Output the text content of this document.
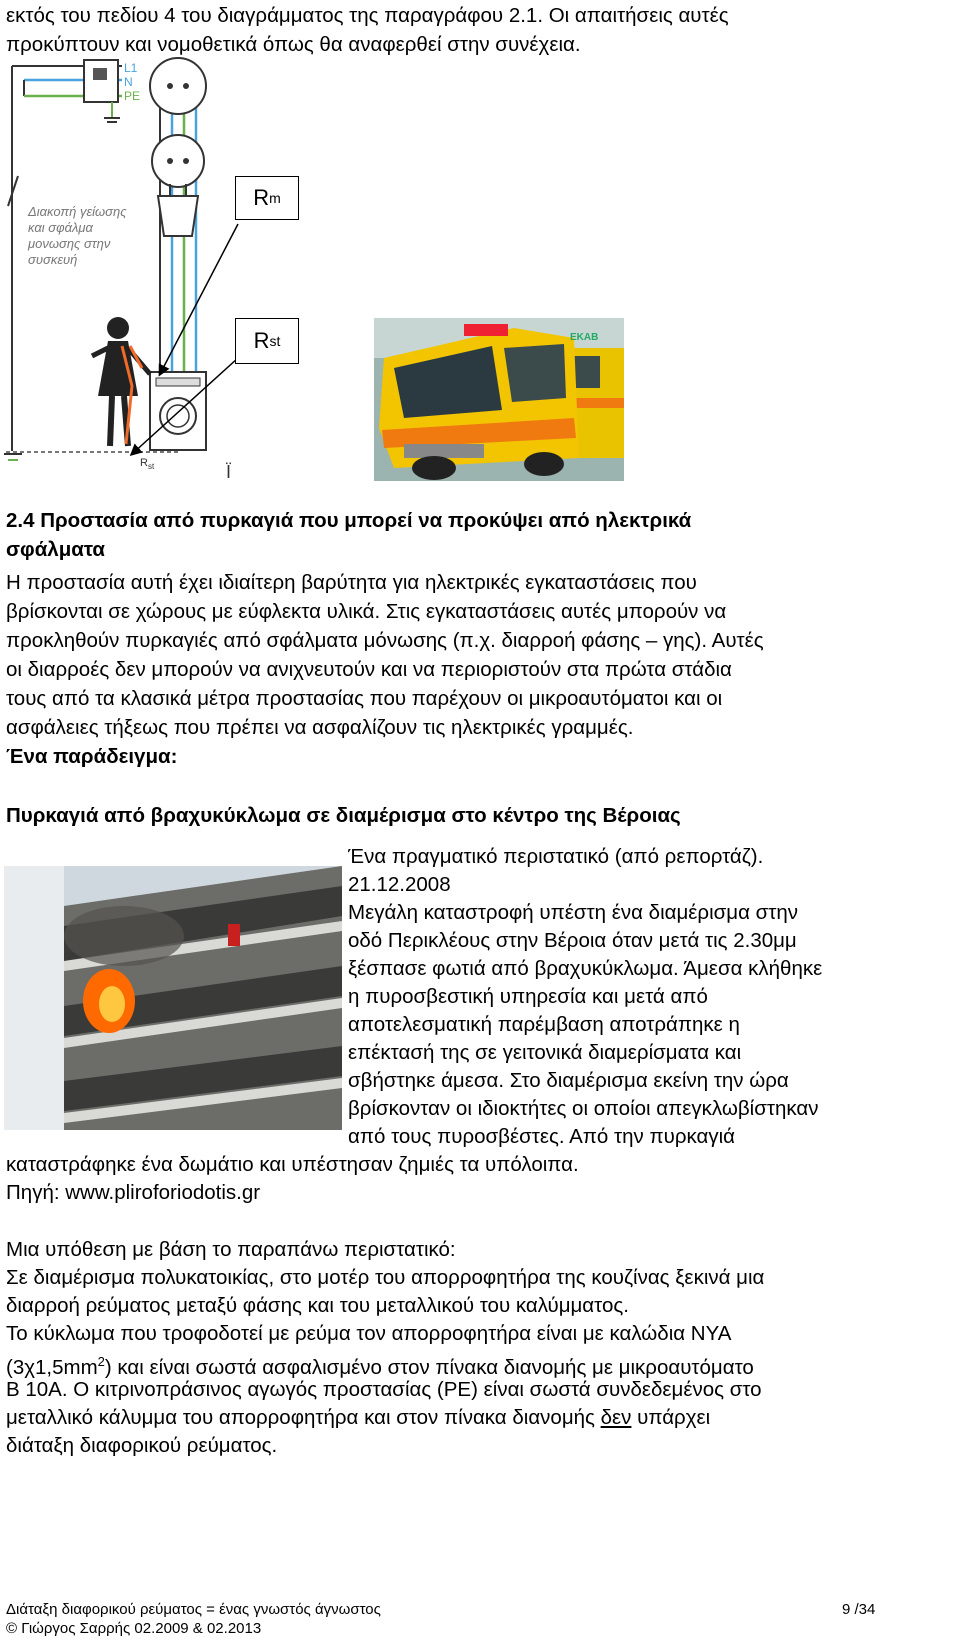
εκτός του πεδίου 4 του διαγράμματος της παραγράφου 2.1. Οι απαιτήσεις αυτές
προκύπτουν και νομοθετικά όπως θα αναφερθεί στην συνέχεια.
L1
N
PE
Διακοπή γείωσης και σφάλμα μονωσης στην συσκευή
$R_{st}$
R m
R st
Ϊ
ΕΚΑΒ
2.4 Προστασία από πυρκαγιά που μπορεί να προκύψει από ηλεκτρικά
σφάλματα
Η προστασία αυτή έχει ιδιαίτερη βαρύτητα για ηλεκτρικές εγκαταστάσεις που
βρίσκονται σε χώρους με εύφλεκτα υλικά. Στις εγκαταστάσεις αυτές μπορούν να
προκληθούν πυρκαγιές από σφάλματα μόνωσης (π.χ. διαρροή φάσης – γης). Αυτές
οι διαρροές δεν μπορούν να ανιχνευτούν και να περιοριστούν στα πρώτα στάδια
τους από τα κλασικά μέτρα προστασίας που παρέχουν οι μικροαυτόματοι και οι
ασφάλειες τήξεως που πρέπει να ασφαλίζουν τις ηλεκτρικές γραμμές.
Ένα παράδειγμα:
Πυρκαγιά από βραχυκύκλωμα σε διαμέρισμα στο κέντρο της Βέροιας
Ένα πραγματικό περιστατικό (από ρεπορτάζ).
21.12.2008
Μεγάλη καταστροφή υπέστη ένα διαμέρισμα στην
οδό Περικλέους στην Βέροια όταν μετά τις 2.30μμ
ξέσπασε φωτιά από βραχυκύκλωμα. Άμεσα κλήθηκε
η πυροσβεστική υπηρεσία και μετά από
αποτελεσματική παρέμβαση αποτράπηκε η
επέκτασή της σε γειτονικά διαμερίσματα και
σβήστηκε άμεσα. Στο διαμέρισμα εκείνη την ώρα
βρίσκονταν οι ιδιοκτήτες οι οποίοι απεγκλωβίστηκαν
από τους πυροσβέστες. Από την πυρκαγιά
καταστράφηκε ένα δωμάτιο και υπέστησαν ζημιές τα υπόλοιπα.
Πηγή: www.pliroforiodotis.gr
Μια υπόθεση με βάση το παραπάνω περιστατικό:
Σε διαμέρισμα πολυκατοικίας, στο μοτέρ του απορροφητήρα της κουζίνας ξεκινά μια
διαρροή ρεύματος μεταξύ φάσης και του μεταλλικού του καλύμματος.
Το κύκλωμα που τροφοδοτεί με ρεύμα τον απορροφητήρα είναι με καλώδια ΝΥΑ
$(3\chi 1,5mm^2)$ και είναι σωστά ασφαλισμένο στον πίνακα διανομής με μικροαυτόματο
Β 10Α. Ο κιτρινοπράσινος αγωγός προστασίας (PE) είναι σωστά συνδεδεμένος στο
μεταλλικό κάλυμμα του απορροφητήρα και στον πίνακα διανομής δεν υπάρχει
διάταξη διαφορικού ρεύματος.
Διάταξη διαφορικού ρεύματος = ένας γνωστός άγνωστος	9 /34
© Γιώργος Σαρρής 02.2009 & 02.2013
